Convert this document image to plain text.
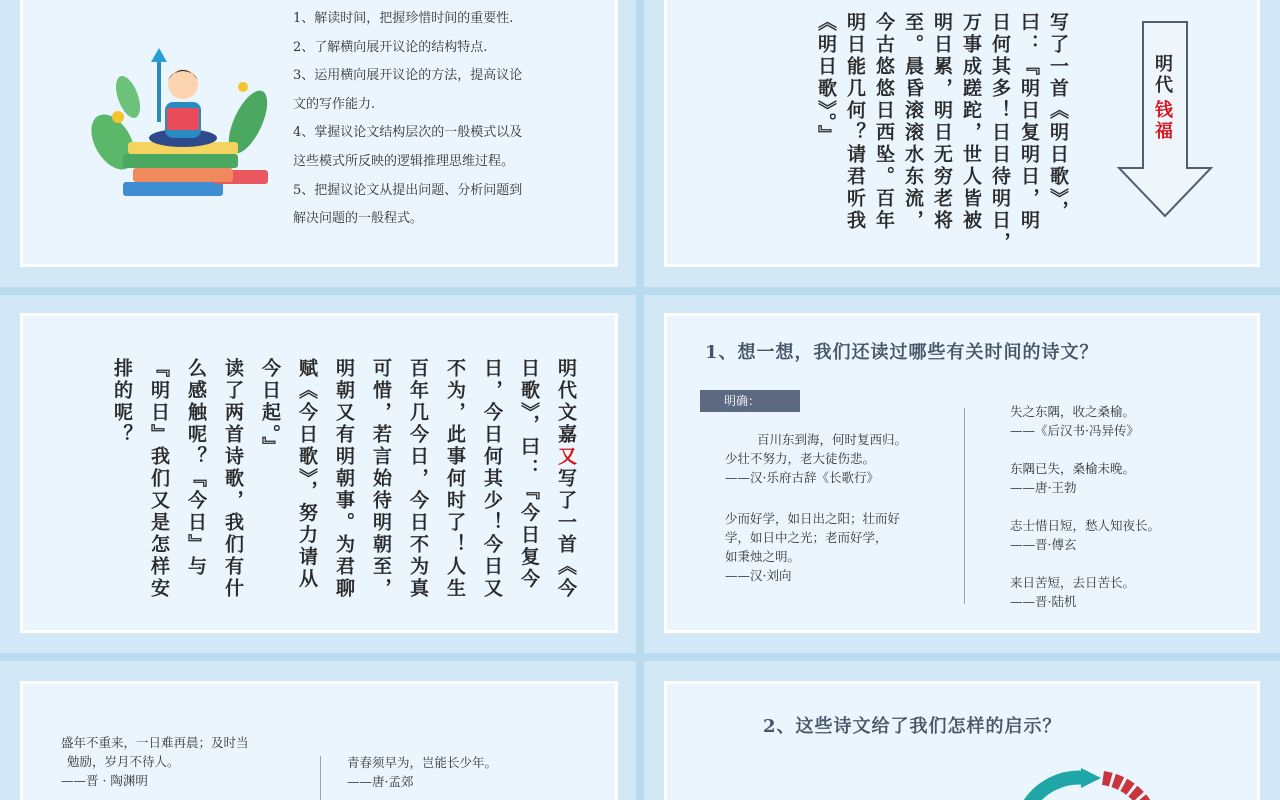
1、解读时间，把握珍惜时间的重要性.
2、了解横向展开议论的结构特点.
3、运用横向展开议论的方法，提高议论
文的写作能力.
4、掌握议论文结构层次的一般模式以及
这些模式所反映的逻辑推理思维过程。
5、把握议论文从提出问题、分析问题到
解决问题的一般程式。	写了一首《明日歌》，
曰：『明日复明日，明
日何其多！日日待明日，
万事成蹉跎，世人皆被
明日累，明日无穷老将
至。晨昏滚滚水东流，
今古悠悠日西坠。百年
明日能几何？请君听我
《明日歌》。』	明代
钱福
明代文嘉又写了一首《今
日歌》，曰：『今日复今
日，今日何其少！今日又
不为，此事何时了！人生
百年几今日，今日不为真
可惜，若言始待明朝至，
明朝又有明朝事。为君聊
赋《今日歌》，努力请从
今日起。』
读了两首诗歌，我们有什
么感触呢？『今日』与
『明日』我们又是怎样安
排的呢？
1、想一想，我们还读过哪些有关时间的诗文？
明确：
百川东到海，何时复西归。
少壮不努力，老大徒伤悲。
——汉·乐府古辞《长歌行》
少而好学，如日出之阳；壮而好
学，如日中之光；老而好学，
如秉烛之明。
——汉·刘向
失之东隅，收之桑榆。
——《后汉书·冯异传》
东隅已失，桑榆未晚。
——唐·王勃
志士惜日短，愁人知夜长。
——晋·傅玄
来日苦短，去日苦长。
——晋·陆机
盛年不重来，一日难再晨；及时当
勉励，岁月不待人。
——晋 · 陶渊明
青春须早为，岂能长少年。
——唐·孟郊
2、这些诗文给了我们怎样的启示？
